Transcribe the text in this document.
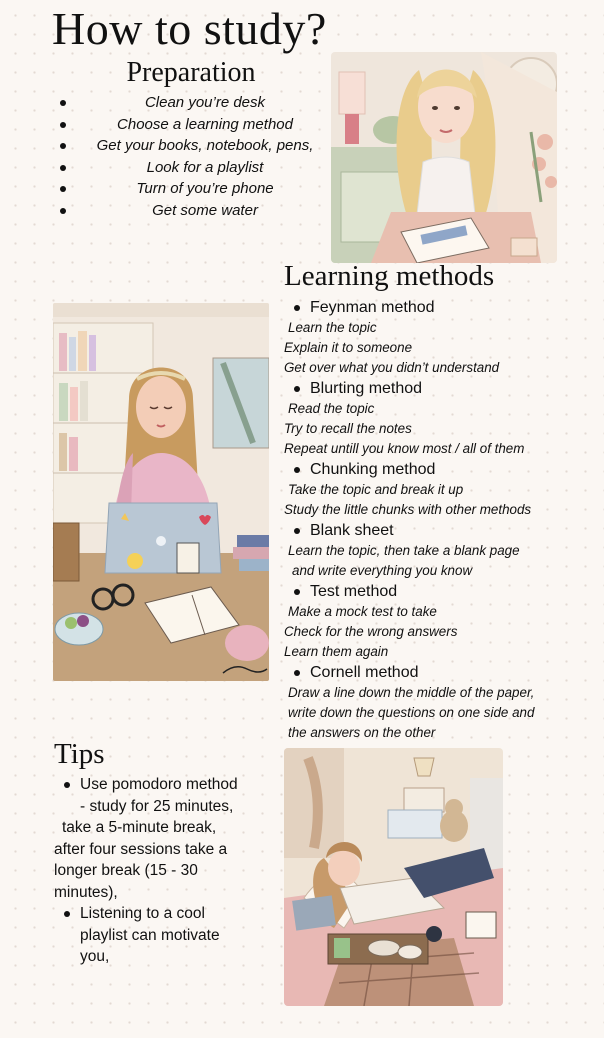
How to study?
Preparation
Clean you’re desk
Choose a learning method
Get your books, notebook, pens,
Look for a playlist
Turn of you’re phone
Get some water
Learning methods
Feynman method
Learn the topic
Explain it to someone
Get over what you didn’t understand
Blurting method
Read the topic
Try to recall the notes
Repeat untill you know most / all of them
Chunking method
Take the topic and break it up
Study the little chunks with other methods
Blank sheet
Learn the topic, then take a blank page
and write everything you know
Test method
Make a mock test to take
Check for the wrong answers
Learn them again
Cornell method
Draw a line down the middle of the paper,
write down the questions on one side and
the answers on the other
Tips
Use pomodoro method
- study for 25 minutes,
take a 5-minute break,
after four sessions take a
longer break (15 - 30
minutes),
Listening to a cool
playlist can motivate
you,
